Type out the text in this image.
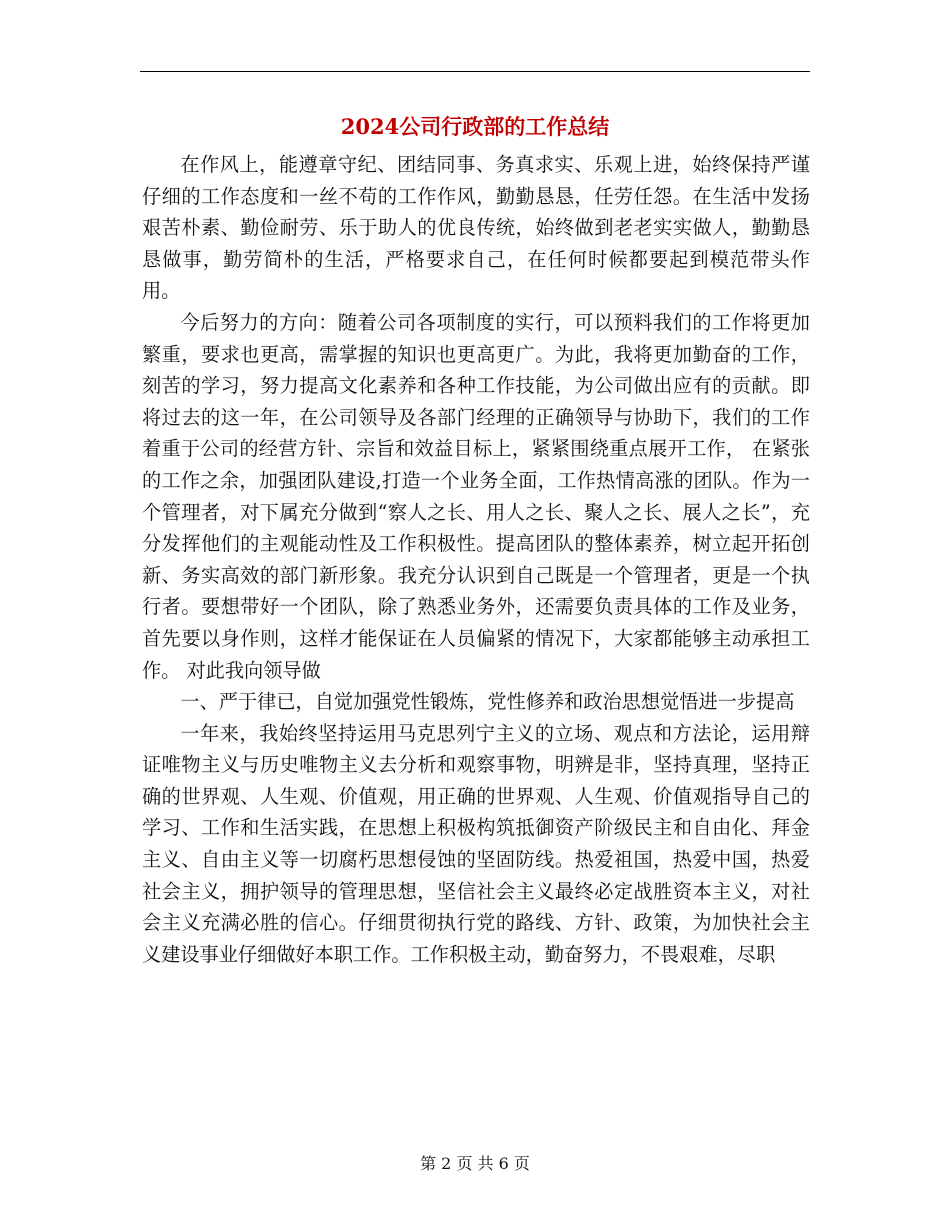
2024公司行政部的工作总结

在作风上，能遵章守纪、团结同事、务真求实、乐观上进，始终保持严谨仔细的工作态度和一丝不苟的工作作风，勤勤恳恳，任劳任怨。在生活中发扬艰苦朴素、勤俭耐劳、乐于助人的优良传统，始终做到老老实实做人，勤勤恳恳做事，勤劳简朴的生活，严格要求自己，在任何时候都要起到模范带头作用。

今后努力的方向：随着公司各项制度的实行，可以预料我们的工作将更加繁重，要求也更高，需掌握的知识也更高更广。为此，我将更加勤奋的工作，刻苦的学习，努力提高文化素养和各种工作技能，为公司做出应有的贡献。即将过去的这一年，在公司领导及各部门经理的正确领导与协助下，我们的工作着重于公司的经营方针、宗旨和效益目标上，紧紧围绕重点展开工作， 在紧张的工作之余，加强团队建设,打造一个业务全面，工作热情高涨的团队。作为一个管理者，对下属充分做到“察人之长、用人之长、聚人之长、展人之长”，充分发挥他们的主观能动性及工作积极性。提高团队的整体素养，树立起开拓创新、务实高效的部门新形象。我充分认识到自己既是一个管理者，更是一个执行者。要想带好一个团队，除了熟悉业务外，还需要负责具体的工作及业务，首先要以身作则，这样才能保证在人员偏紧的情况下，大家都能够主动承担工作。 对此我向领导做

一、严于律已，自觉加强党性锻炼，党性修养和政治思想觉悟进一步提高

一年来，我始终坚持运用马克思列宁主义的立场、观点和方法论，运用辩证唯物主义与历史唯物主义去分析和观察事物，明辨是非，坚持真理，坚持正确的世界观、人生观、价值观，用正确的世界观、人生观、价值观指导自己的学习、工作和生活实践，在思想上积极构筑抵御资产阶级民主和自由化、拜金主义、自由主义等一切腐朽思想侵蚀的坚固防线。热爱祖国，热爱中国，热爱社会主义，拥护领导的管理思想，坚信社会主义最终必定战胜资本主义，对社会主义充满必胜的信心。仔细贯彻执行党的路线、方针、政策，为加快社会主义建设事业仔细做好本职工作。工作积极主动，勤奋努力，不畏艰难，尽职

第 2 页 共 6 页
